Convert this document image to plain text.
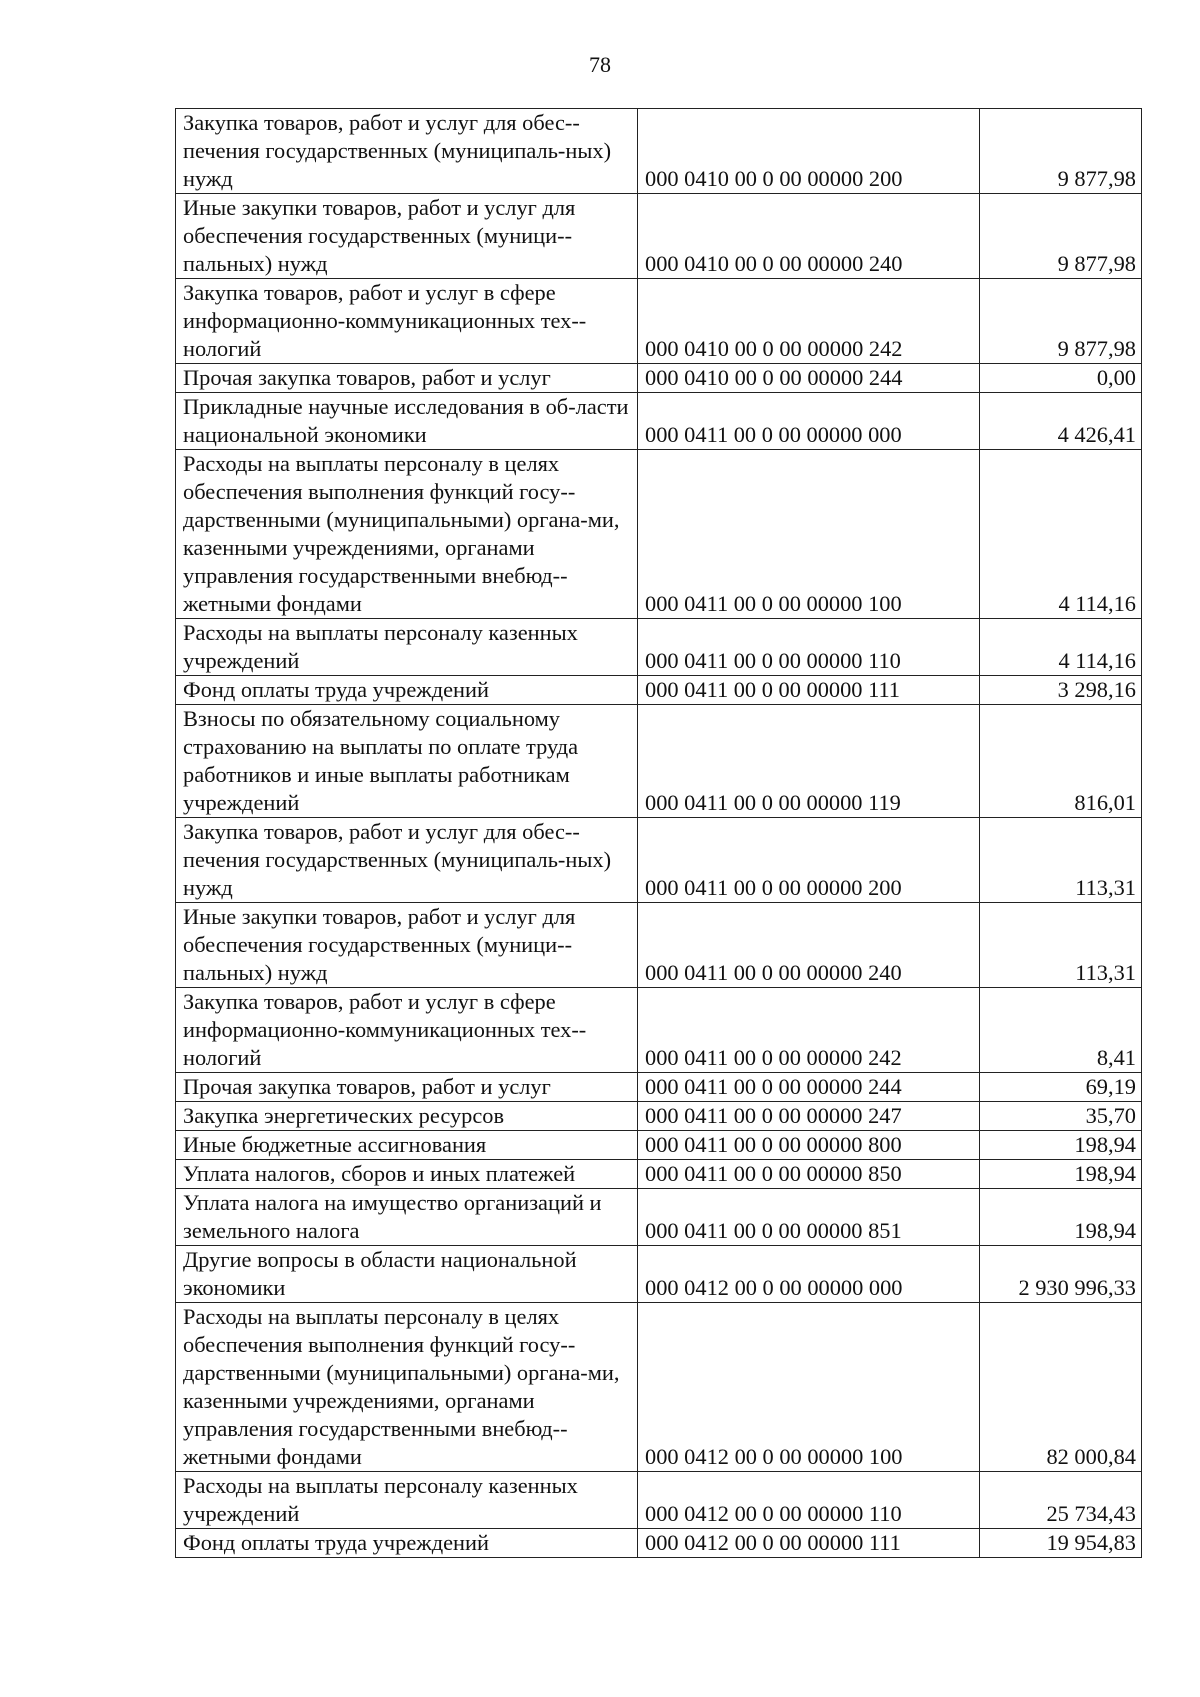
78
Закупка товаров, работ и услуг для обес-печения государственных (муниципаль-ных) нужд	000 0410 00 0 00 00000 200	9 877,98
Иные закупки товаров, работ и услуг для обеспечения государственных (муници-пальных) нужд	000 0410 00 0 00 00000 240	9 877,98
Закупка товаров, работ и услуг в сфере информационно-коммуникационных тех-нологий	000 0410 00 0 00 00000 242	9 877,98
Прочая закупка товаров, работ и услуг	000 0410 00 0 00 00000 244	0,00
Прикладные научные исследования в об-ласти национальной экономики	000 0411 00 0 00 00000 000	4 426,41
Расходы на выплаты персоналу в целях обеспечения выполнения функций госу-дарственными (муниципальными) органа-ми, казенными учреждениями, органами управления государственными внебюд-жетными фондами	000 0411 00 0 00 00000 100	4 114,16
Расходы на выплаты персоналу казенных учреждений	000 0411 00 0 00 00000 110	4 114,16
Фонд оплаты труда учреждений	000 0411 00 0 00 00000 111	3 298,16
Взносы по обязательному социальному страхованию на выплаты по оплате труда работников и иные выплаты работникам учреждений	000 0411 00 0 00 00000 119	816,01
Закупка товаров, работ и услуг для обес-печения государственных (муниципаль-ных) нужд	000 0411 00 0 00 00000 200	113,31
Иные закупки товаров, работ и услуг для обеспечения государственных (муници-пальных) нужд	000 0411 00 0 00 00000 240	113,31
Закупка товаров, работ и услуг в сфере информационно-коммуникационных тех-нологий	000 0411 00 0 00 00000 242	8,41
Прочая закупка товаров, работ и услуг	000 0411 00 0 00 00000 244	69,19
Закупка энергетических ресурсов	000 0411 00 0 00 00000 247	35,70
Иные бюджетные ассигнования	000 0411 00 0 00 00000 800	198,94
Уплата налогов, сборов и иных платежей	000 0411 00 0 00 00000 850	198,94
Уплата налога на имущество организаций и земельного налога	000 0411 00 0 00 00000 851	198,94
Другие вопросы в области национальной экономики	000 0412 00 0 00 00000 000	2 930 996,33
Расходы на выплаты персоналу в целях обеспечения выполнения функций госу-дарственными (муниципальными) органа-ми, казенными учреждениями, органами управления государственными внебюд-жетными фондами	000 0412 00 0 00 00000 100	82 000,84
Расходы на выплаты персоналу казенных учреждений	000 0412 00 0 00 00000 110	25 734,43
Фонд оплаты труда учреждений	000 0412 00 0 00 00000 111	19 954,83
